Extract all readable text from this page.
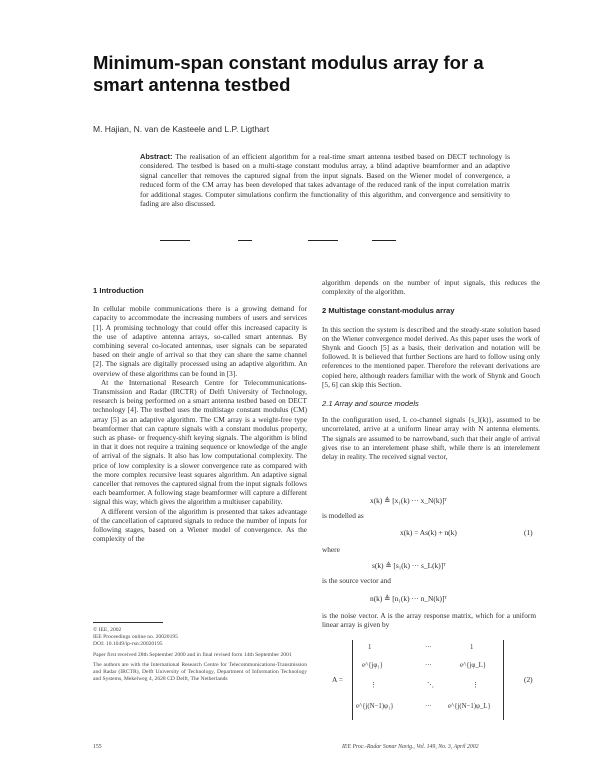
Minimum-span constant modulus array for a smart antenna testbed
M. Hajian, N. van de Kasteele and L.P. Ligthart
Abstract: The realisation of an efficient algorithm for a real-time smart antenna testbed based on DECT technology is considered. The testbed is based on a multi-stage constant modulus array, a blind adaptive beamformer and an adaptive signal canceller that removes the captured signal from the input signals. Based on the Wiener model of convergence, a reduced form of the CM array has been developed that takes advantage of the reduced rank of the input correlation matrix for additional stages. Computer simulations confirm the functionality of this algorithm, and convergence and sensitivity to fading are also discussed.
1 Introduction

In cellular mobile communications there is a growing demand for capacity to accommodate the increasing numbers of users and services [1]. A promising technology that could offer this increased capacity is the use of adaptive antenna arrays, so-called smart antennas. By combining several co-located antennas, user signals can be separated based on their angle of arrival so that they can share the same channel [2]. The signals are digitally processed using an adaptive algorithm. An overview of these algorithms can be found in [3].

At the International Research Centre for Telecommunications-Transmission and Radar (IRCTR) of Delft University of Technology, research is being performed on a smart antenna testbed based on DECT technology [4]. The testbed uses the multistage constant modulus (CM) array [5] as an adaptive algorithm. The CM array is a weight-free type beamformer that can capture signals with a constant modulus property, such as phase- or frequency-shift keying signals. The algorithm is blind in that it does not require a training sequence or knowledge of the angle of arrival of the signals. It also has low computational complexity. The price of low complexity is a slower convergence rate as compared with the more complex recursive least squares algorithm. An adaptive signal canceller that removes the captured signal from the input signals follows each beamformer. A following stage beamformer will capture a different signal this way, which gives the algorithm a multiuser capability.

A different version of the algorithm is presented that takes advantage of the cancellation of captured signals to reduce the number of inputs for following stages, based on a Wiener model of convergence. As the complexity of the

© IEE, 2002
IEE Proceedings online no. 20020195
DOI: 10.1049/ip-rsn:20020195
Paper first received 28th September 2000 and in final revised form 14th September 2001
The authors are with the International Research Centre for Telecommunications-Transmission and Radar (IRCTR), Delft University of Technology, Department of Information Technology and Systems, Mekelweg 4, 2628 CD Delft, The Netherlands
155

algorithm depends on the number of input signals, this reduces the complexity of the algorithm.

2 Multistage constant-modulus array

In this section the system is described and the steady-state solution based on the Wiener convergence model derived. As this paper uses the work of Shynk and Gooch [5] as a basis, their derivation and notation will be followed. It is believed that further Sections are hard to follow using only references to the mentioned paper. Therefore the relevant derivations are copied here, although readers familiar with the work of Shynk and Gooch [5, 6] can skip this Section.

2.1 Array and source models

In the configuration used, L co-channel signals {s_l(k)}, assumed to be uncorrelated, arrive at a uniform linear array with N antenna elements. The signals are assumed to be narrowband, such that their angle of arrival gives rise to an interelement phase shift, while there is an interelement delay in reality. The received signal vector,

x(k) ≜ [x₁(k) ··· x_N(k)]ᵀ
is modelled as
x(k) = As(k) + n(k)	(1)
where
s(k) ≜ [s₁(k) ··· s_L(k)]ᵀ
is the source vector and
n(k) ≜ [n₁(k) ··· n_N(k)]ᵀ
is the noise vector. A is the array response matrix, which for a uniform linear array is given by
A =
1	···	1
e^{jφ₁}	···	e^{jφ_L}
⋮	⋱	⋮
e^{j(N−1)φ₁}	··· e^{j(N−1)φ_L}
(2)
IEE Proc.-Radar Sonar Navig., Vol. 149, No. 3, April 2002
